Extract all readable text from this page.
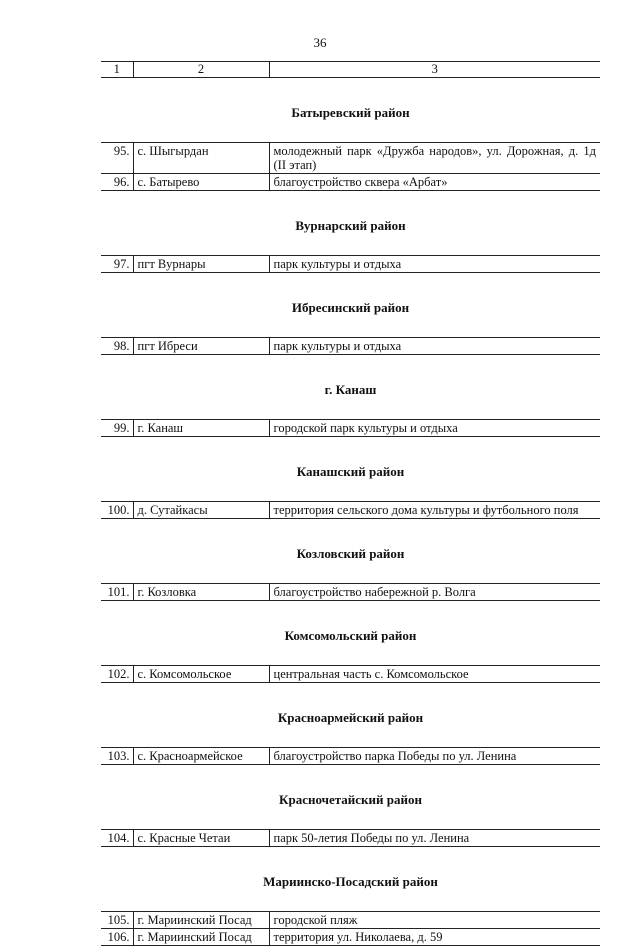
36
1	2	3
Батыревский район		
95.	с. Шыгырдан	молодежный парк «Дружба народов», ул. Дорожная, д. 1д (II этап)
96.	с. Батырево	благоустройство сквера «Арбат»
Вурнарский район		
97.	пгт Вурнары	парк культуры и отдыха
Ибресинский район		
98.	пгт Ибреси	парк культуры и отдыха
г. Канаш		
99.	г. Канаш	городской парк культуры и отдыха
Канашский район		
100.	д. Сутайкасы	территория сельского дома культуры и футбольного поля
Козловский район		
101.	г. Козловка	благоустройство набережной р. Волга
Комсомольский район		
102.	с. Комсомольское	центральная часть с. Комсомольское
Красноармейский район		
103.	с. Красноармейское	благоустройство парка Победы по ул. Ленина
Красночетайский район		
104.	с. Красные Четаи	парк 50-летия Победы по ул. Ленина
Мариинско-Посадский район		
105.	г. Мариинский Посад	городской пляж
106.	г. Мариинский Посад	территория ул. Николаева, д. 59
